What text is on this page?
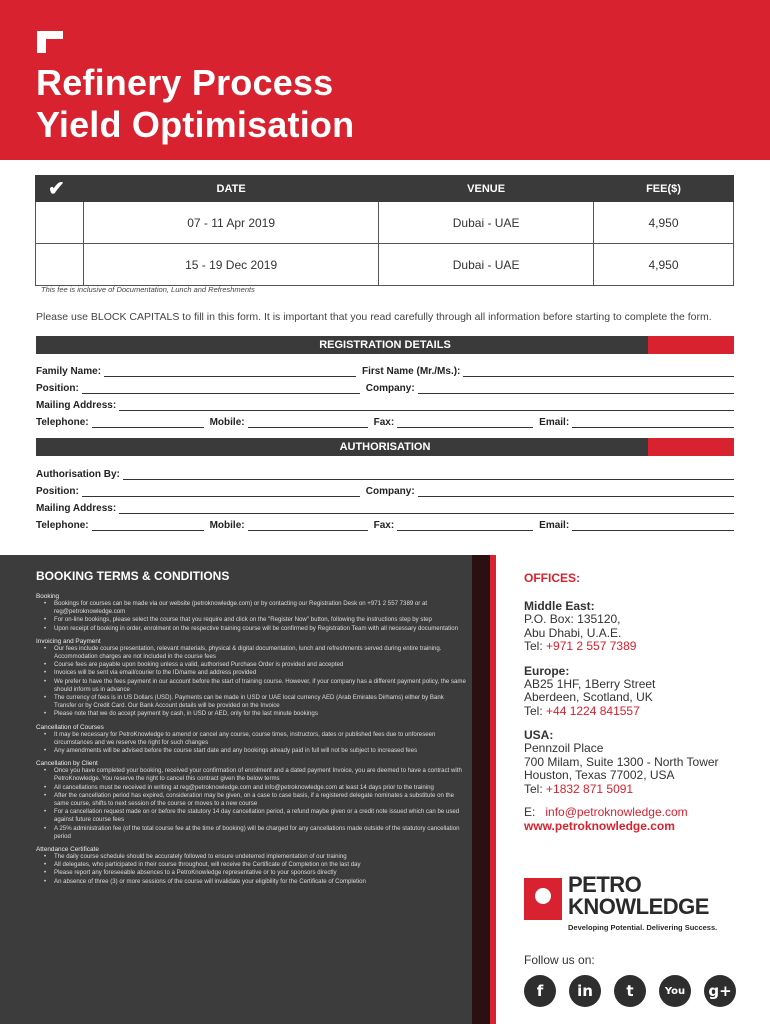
Refinery Process
Yield Optimisation
✔	DATE	VENUE	FEE($)
	07 - 11 Apr 2019	Dubai - UAE	4,950
	15 - 19 Dec 2019	Dubai - UAE	4,950
This fee is inclusive of Documentation, Lunch and Refreshments
Please use BLOCK CAPITALS to fill in this form. It is important that you read carefully through all information before starting to complete the form.
REGISTRATION DETAILS
Family Name:	First Name (Mr./Ms.):
Position:	Company:
Mailing Address:
Telephone:	Mobile:	Fax:	Email:
AUTHORISATION
Authorisation By:
Position:	Company:
Mailing Address:
Telephone:	Mobile:	Fax:	Email:
BOOKING TERMS & CONDITIONS
Booking
• Bookings for courses can be made via our website (petroknowledge.com) or by contacting our Registration Desk on +971 2 557 7389 or at reg@petroknowledge.com
• For on-line bookings, please select the course that you require and click on the "Register Now" button, following the instructions step by step
• Upon receipt of booking in order, enrolment on the respective training course will be confirmed by Registration Team with all necessary documentation
Invoicing and Payment
• Our fees include course presentation, relevant materials, physical & digital documentation, lunch and refreshments served during entire training. Accommodation charges are not included in the course fees
• Course fees are payable upon booking unless a valid, authorised Purchase Order is provided and accepted
• Invoices will be sent via email/courier to the ID/name and address provided
• We prefer to have the fees payment in our account before the start of training course. However, if your company has a different payment policy, the same should inform us in advance
• The currency of fees is in US Dollars (USD). Payments can be made in USD or UAE local currency AED (Arab Emirates Dirhams) either by Bank Transfer or by Credit Card. Our Bank Account details will be provided on the Invoice
• Please note that we do accept payment by cash, in USD or AED, only for the last minute bookings
Cancellation of Courses
• It may be necessary for PetroKnowledge to amend or cancel any course, course times, instructors, dates or published fees due to unforeseen circumstances and we reserve the right for such changes
• Any amendments will be advised before the course start date and any bookings already paid in full will not be subject to increased fees
Cancellation by Client
• Once you have completed your booking, received your confirmation of enrolment and a dated payment Invoice, you are deemed to have a contract with PetroKnowledge. You reserve the right to cancel this contract given the below terms
• All cancellations must be received in writing at reg@petroknowledge.com and info@petroknowledge.com at least 14 days prior to the training
• After the cancellation period has expired, consideration may be given, on a case to case basis, if a registered delegate nominates a substitute on the same course, shifts to next session of the course or moves to a new course
• For a cancellation request made on or before the statutory 14 day cancellation period, a refund maybe given or a credit note issued which can be used against future course fees
• A 25% administration fee (of the total course fee at the time of booking) will be charged for any cancellations made outside of the statutory cancellation period
Attendance Certificate
• The daily course schedule should be accurately followed to ensure undeterred implementation of our training
• All delegates, who participated in their course throughout, will receive the Certificate of Completion on the last day
• Please report any foreseeable absences to a PetroKnowledge representative or to your sponsors directly
• An absence of three (3) or more sessions of the course will invalidate your eligibility for the Certificate of Completion
OFFICES:
Middle East:
P.O. Box: 135120,
Abu Dhabi, U.A.E.
Tel: +971 2 557 7389
Europe:
AB25 1HF, 1Berry Street
Aberdeen, Scotland, UK
Tel: +44 1224 841557
USA:
Pennzoil Place
700 Milam, Suite 1300 - North Tower
Houston, Texas 77002, USA
Tel: +1832 871 5091
E: info@petroknowledge.com
www.petroknowledge.com
PETRO
KNOWLEDGE
Developing Potential. Delivering Success.
Follow us on:
f	in	t	You	g+
